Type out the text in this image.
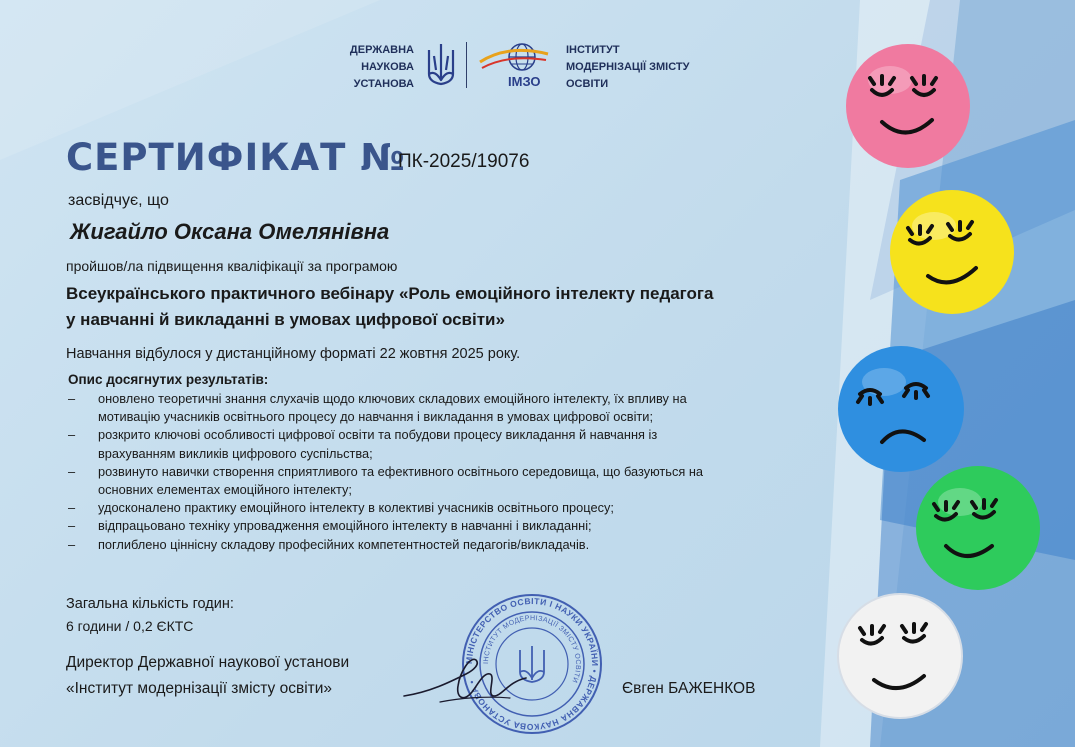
ДЕРЖАВНА
НАУКОВА
УСТАНОВА	ІМЗО
ІНСТИТУТ
МОДЕРНІЗАЦІЇ ЗМІСТУ
ОСВІТИ
СЕРТИФІКАТ №
ПК-2025/19076
засвідчує, що
Жигайло Оксана Омелянівна
пройшов/ла підвищення кваліфікації за програмою
Всеукраїнського практичного вебінару «Роль емоційного інтелекту педагога
у навчанні й викладанні в умовах цифрової освіти»
Навчання відбулося у дистанційному форматі 22 жовтня 2025 року.
Опис досягнутих результатів:
–	оновлено теоретичні знання слухачів щодо ключових складових емоційного інтелекту, їх впливу на
мотивацію учасників освітнього процесу до навчання і викладання в умовах цифрової освіти;
–	розкрито ключові особливості цифрової освіти та побудови процесу викладання й навчання із
врахуванням викликів цифрового суспільства;
–	розвинуто навички створення сприятливого та ефективного освітнього середовища, що базуються на
основних елементах емоційного інтелекту;
–	удосконалено практику емоційного інтелекту в колективі учасників освітнього процесу;
–	відпрацьовано техніку упровадження емоційного інтелекту в навчанні і викладанні;
–	поглиблено ціннісну складову професійних компетентностей педагогів/викладачів.
Загальна кількість годин:
6 години / 0,2 ЄКТС
МІНІСТЕРСТВО ОСВІТИ І НАУКИ УКРАЇНИ • ДЕРЖАВНА НАУКОВА УСТАНОВА •
ІНСТИТУТ МОДЕРНІЗАЦІЇ ЗМІСТУ ОСВІТИ
Директор Державної наукової установи
«Інститут модернізації змісту освіти»	Євген БАЖЕНКОВ
